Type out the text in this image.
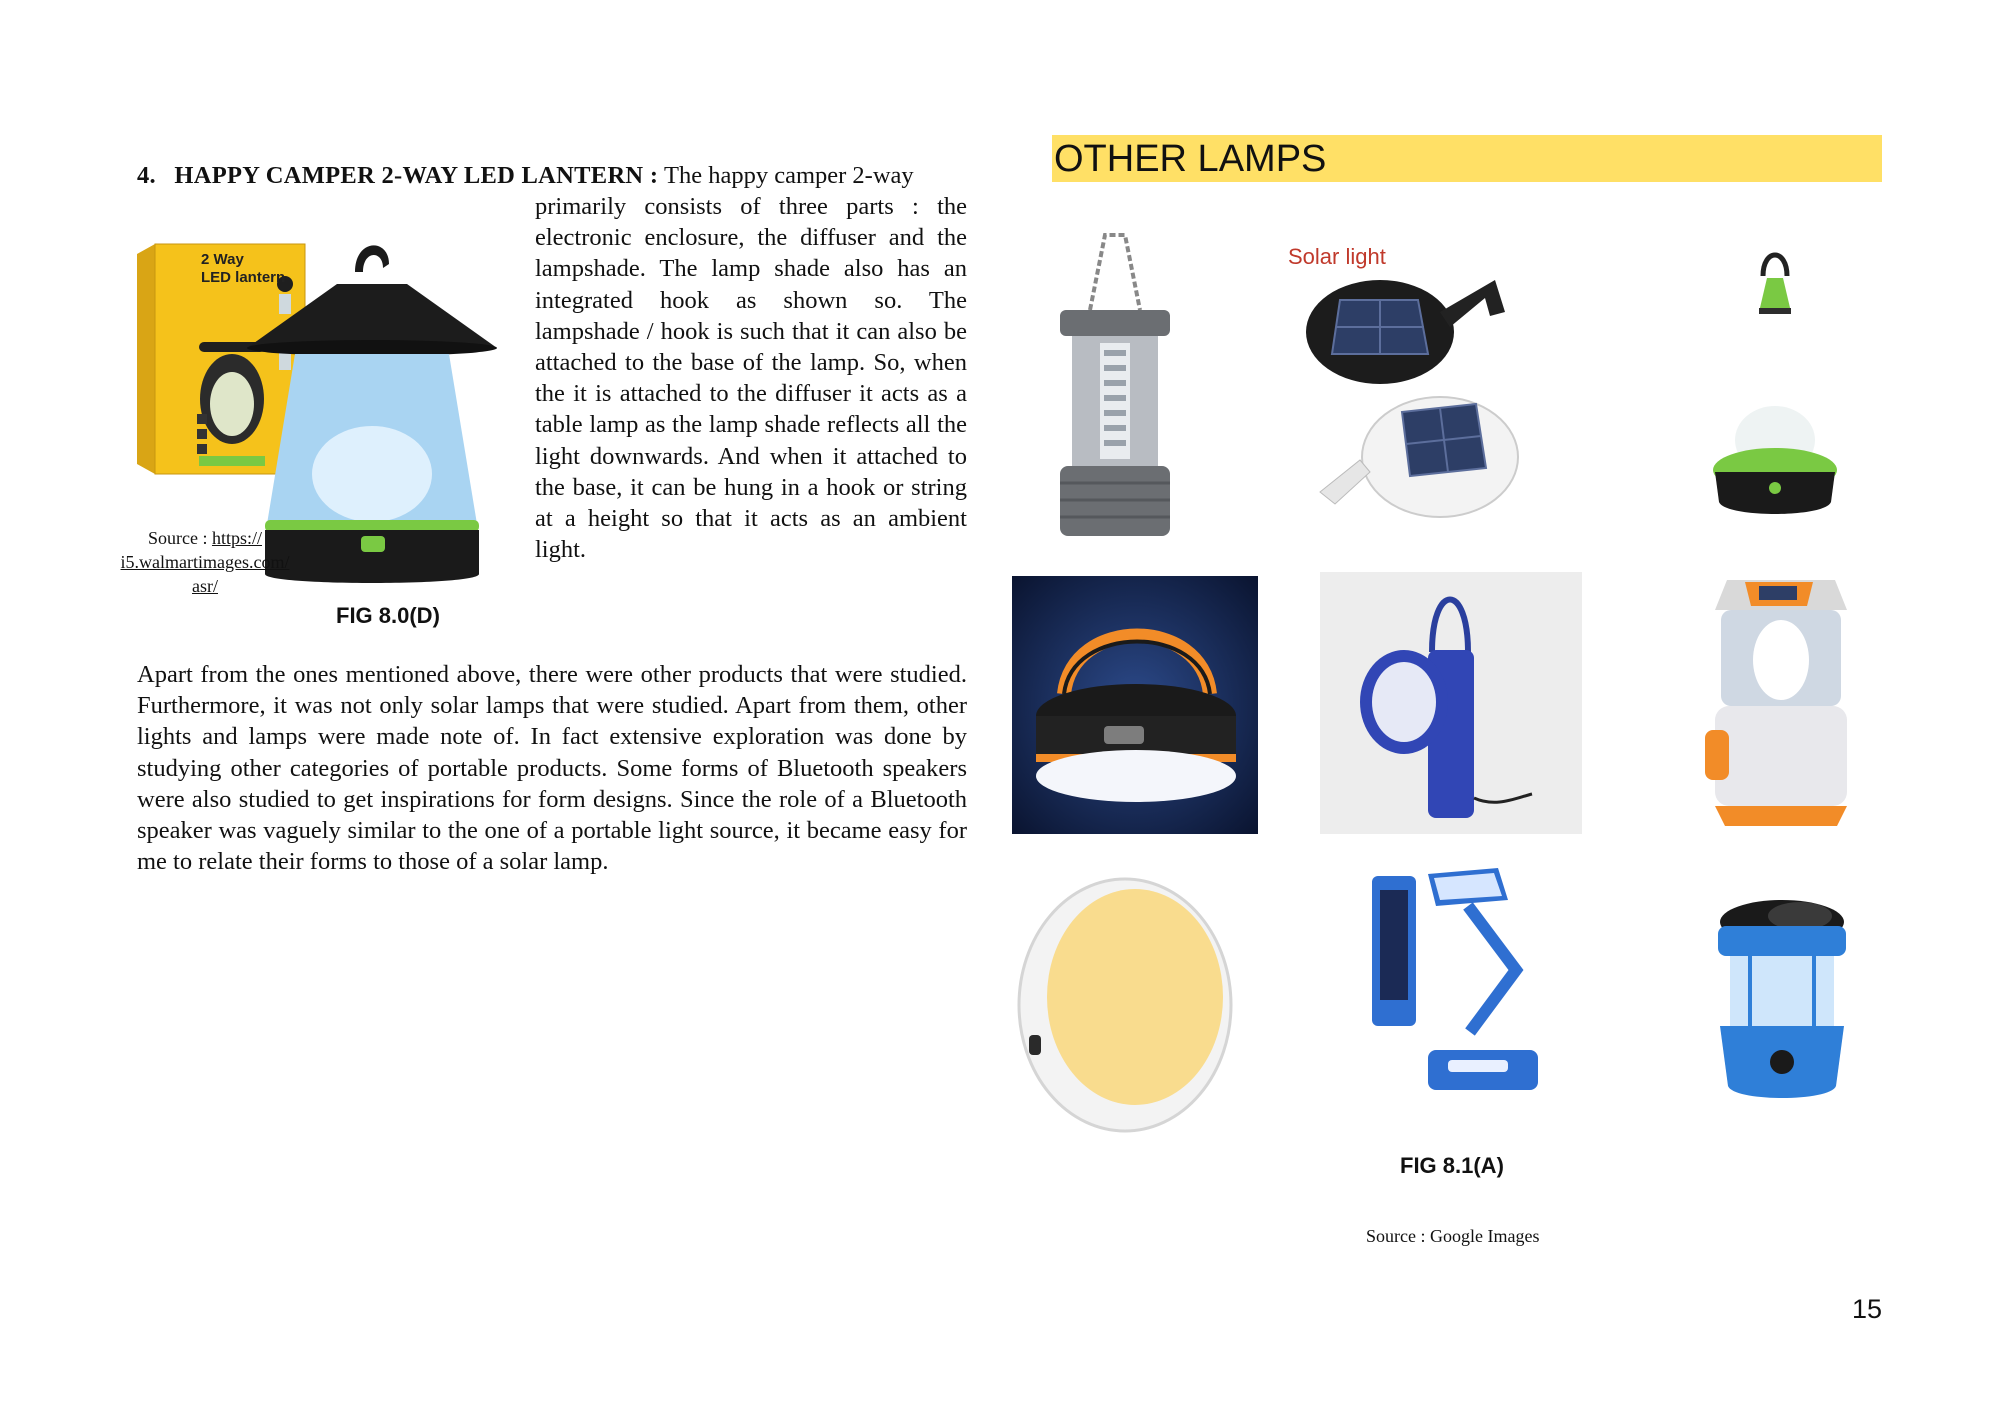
4. HAPPY CAMPER 2-WAY LED LANTERN : The happy camper 2-way
primarily consists of three parts : the electronic enclosure, the diffuser and the lampshade. The lamp shade also has an integrated hook as shown so. The lampshade / hook is such that it can also be attached to the base of the lamp. So, when the it is attached to the diffuser it acts as a table lamp as the lamp shade reflects all the light downwards. And when it attached to the base, it can be hung in a hook or string at a height so that it acts as an ambient light.
2 Way
LED lantern
Source : https://
i5.walmartimages.com/
asr/
FIG 8.0(D)
Apart from the ones mentioned above, there were other products that were studied. Furthermore, it was not only solar lamps that were studied. Apart from them, other lights and lamps were made note of. In fact extensive exploration was done by studying other categories of portable products. Some forms of Bluetooth speakers were also studied to get inspirations for form designs. Since the role of a Bluetooth speaker was vaguely similar to the one of a portable light source, it became easy for me to relate their forms to those of a solar lamp.
OTHER LAMPS
Solar light
FIG 8.1(A)
Source : Google Images
15
